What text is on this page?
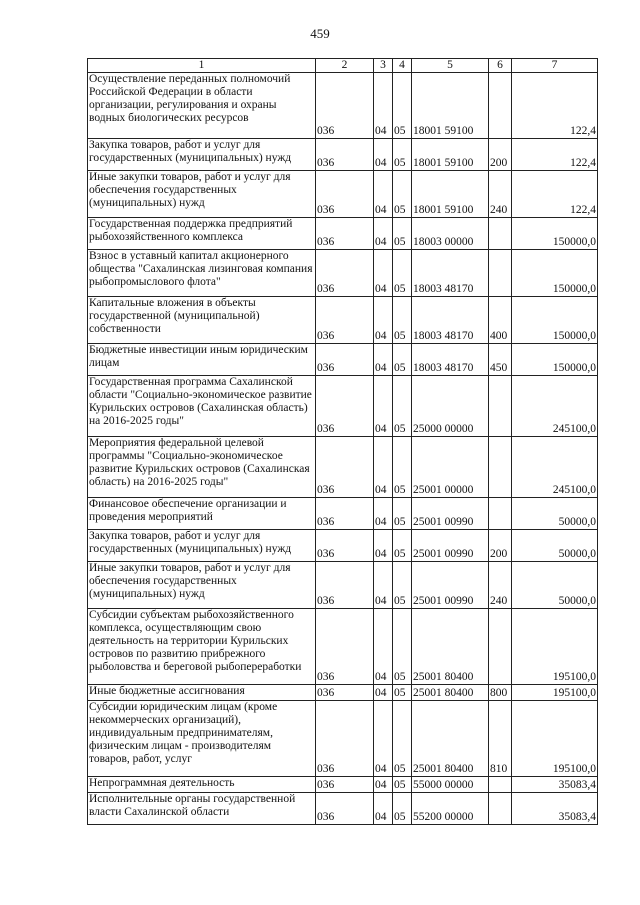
459
1	2	3	4	5	6	7
Осуществление переданных полномочий Российской Федерации в области организации, регулирования и охраны водных биологических ресурсов	036	04	05	18001 59100		122,4
Закупка товаров, работ и услуг для государственных (муниципальных) нужд	036	04	05	18001 59100	200	122,4
Иные закупки товаров, работ и услуг для обеспечения государственных (муниципальных) нужд	036	04	05	18001 59100	240	122,4
Государственная поддержка предприятий рыбохозяйственного комплекса	036	04	05	18003 00000		150000,0
Взнос в уставный капитал акционерного общества "Сахалинская лизинговая компания рыбопромыслового флота"	036	04	05	18003 48170		150000,0
Капитальные вложения в объекты государственной (муниципальной) собственности	036	04	05	18003 48170	400	150000,0
Бюджетные инвестиции иным юридическим лицам	036	04	05	18003 48170	450	150000,0
Государственная программа Сахалинской области "Социально-экономическое развитие Курильских островов (Сахалинская область) на 2016-2025 годы"	036	04	05	25000 00000		245100,0
Мероприятия федеральной целевой программы "Социально-экономическое развитие Курильских островов (Сахалинская область) на 2016-2025 годы"	036	04	05	25001 00000		245100,0
Финансовое обеспечение организации и проведения мероприятий	036	04	05	25001 00990		50000,0
Закупка товаров, работ и услуг для государственных (муниципальных) нужд	036	04	05	25001 00990	200	50000,0
Иные закупки товаров, работ и услуг для обеспечения государственных (муниципальных) нужд	036	04	05	25001 00990	240	50000,0
Субсидии субъектам рыбохозяйственного комплекса, осуществляющим свою деятельность на территории Курильских островов по развитию прибрежного рыболовства и береговой рыбопереработки	036	04	05	25001 80400		195100,0
Иные бюджетные ассигнования	036	04	05	25001 80400	800	195100,0
Субсидии юридическим лицам (кроме некоммерческих организаций), индивидуальным предпринимателям, физическим лицам - производителям товаров, работ, услуг	036	04	05	25001 80400	810	195100,0
Непрограммная деятельность	036	04	05	55000 00000		35083,4
Исполнительные органы государственной власти Сахалинской области	036	04	05	55200 00000		35083,4
